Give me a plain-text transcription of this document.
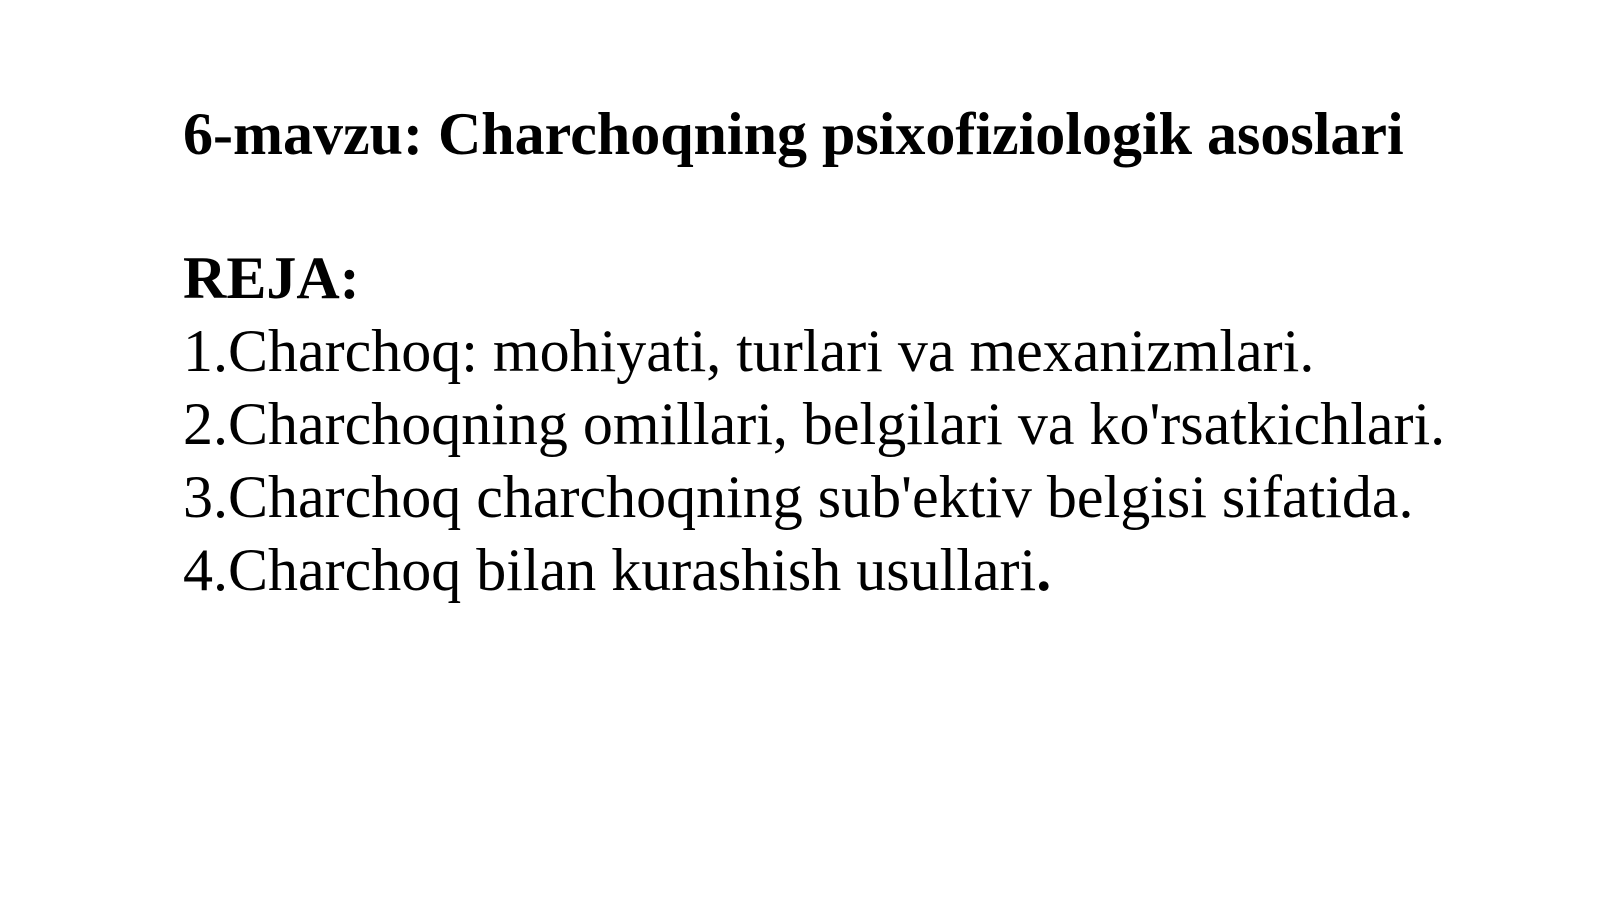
6-mavzu: Charchoqning psixofiziologik asoslari
REJA:
1.Charchoq: mohiyati, turlari va mexanizmlari.
2.Charchoqning omillari, belgilari va ko'rsatkichlari.
3.Charchoq charchoqning sub'ektiv belgisi sifatida.
4.Charchoq bilan kurashish usullari.
